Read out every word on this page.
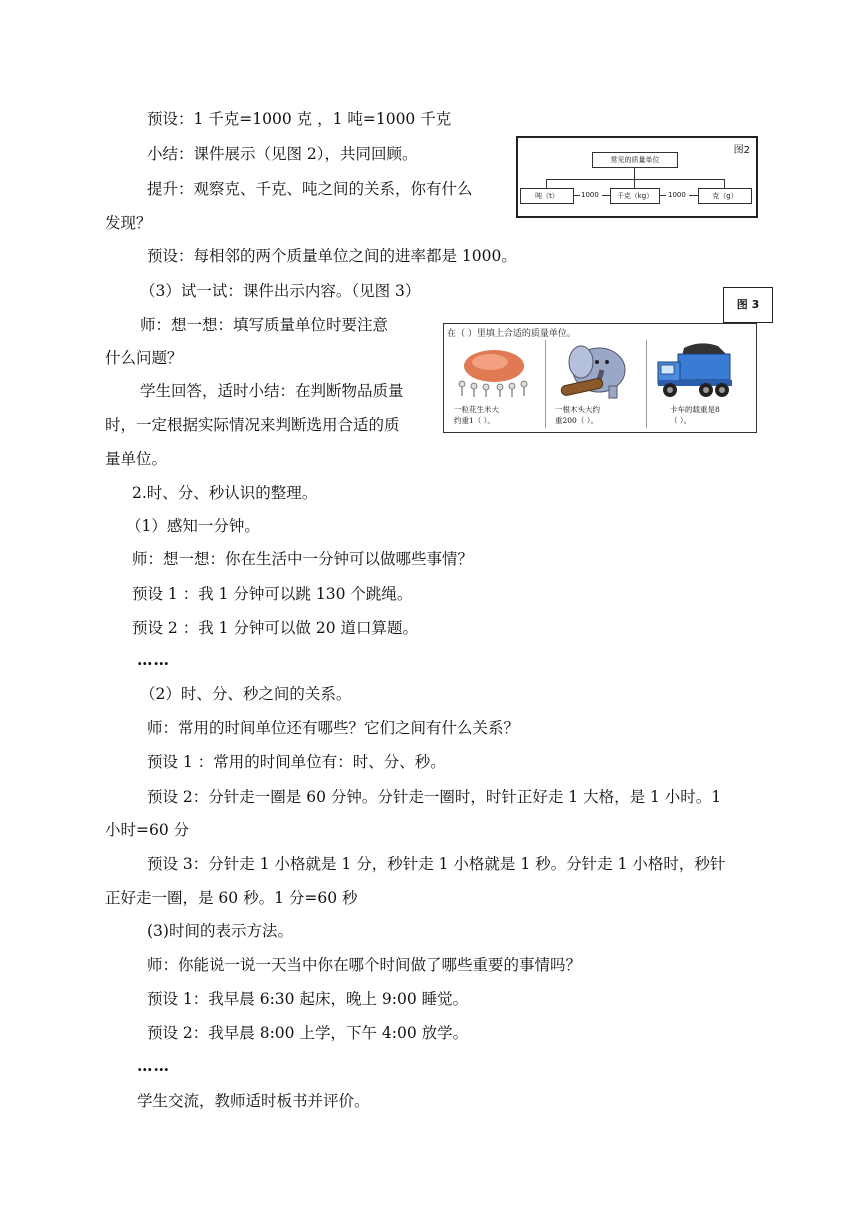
预设：1 千克=1000 克 ，1 吨=1000 千克
小结：课件展示（见图 2），共同回顾。
提升：观察克、千克、吨之间的关系，你有什么
发现？
预设：每相邻的两个质量单位之间的进率都是 1000。
（3）试一试：课件出示内容。（见图 3）
师：想一想：填写质量单位时要注意
什么问题？
学生回答，适时小结：在判断物品质量
时，一定根据实际情况来判断选用合适的质
量单位。
2.时、分、秒认识的整理。
（1）感知一分钟。
师：想一想：你在生活中一分钟可以做哪些事情？
预设 1 ：我 1 分钟可以跳 130 个跳绳。
预设 2 ：我 1 分钟可以做 20 道口算题。
……
（2）时、分、秒之间的关系。
师：常用的时间单位还有哪些？它们之间有什么关系？
预设 1 ：常用的时间单位有：时、分、秒。
预设 2：分针走一圈是 60 分钟。分针走一圈时，时针正好走 1 大格，是 1 小时。1
小时=60 分
预设 3：分针走 1 小格就是 1 分，秒针走 1 小格就是 1 秒。分针走 1 小格时，秒针
正好走一圈，是 60 秒。1 分=60 秒
(3)时间的表示方法。
师：你能说一说一天当中你在哪个时间做了哪些重要的事情吗？
预设 1：我早晨 6:30 起床，晚上 9:00 睡觉。
预设 2：我早晨 8:00 上学，下午 4:00 放学。
……
学生交流，教师适时板书并评价。
图2
常见的质量单位
吨（t）	1000	千克（kg）	1000	克（g）
图 3
在（ ）里填上合适的质量单位。
一粒花生米大
约重1（ ）。
一根木头大约
重200（ ）。
卡车的载重是8
（ ）。
